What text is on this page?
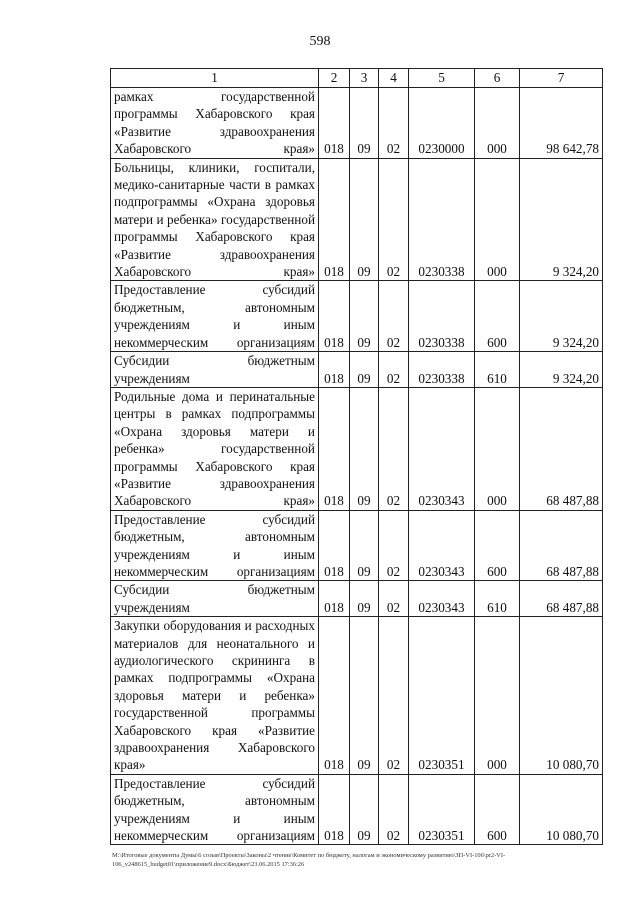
598
1	2	3	4	5	6	7
рамках государственной программы Хабаровского края «Развитие здравоохранения Хабаровского края»	018	09	02	0230000	000	98 642,78
Больницы, клиники, госпитали, медико-санитарные части в рамках подпрограммы «Охрана здоровья матери и ребенка» государственной программы Хабаровского края «Развитие здравоохранения Хабаровского края»	018	09	02	0230338	000	9 324,20
Предоставление субсидий бюджетным, автономным учреждениям и иным некоммерческим организациям	018	09	02	0230338	600	9 324,20
Субсидии бюджетным учреждениям	018	09	02	0230338	610	9 324,20
Родильные дома и перинатальные центры в рамках подпрограммы «Охрана здоровья матери и ребенка» государственной программы Хабаровского края «Развитие здравоохранения Хабаровского края»	018	09	02	0230343	000	68 487,88
Предоставление субсидий бюджетным, автономным учреждениям и иным некоммерческим организациям	018	09	02	0230343	600	68 487,88
Субсидии бюджетным учреждениям	018	09	02	0230343	610	68 487,88
Закупки оборудования и расходных материалов для неонатального и аудиологического скрининга в рамках подпрограммы «Охрана здоровья матери и ребенка» государственной программы Хабаровского края «Развитие здравоохранения Хабаровского края»	018	09	02	0230351	000	10 080,70
Предоставление субсидий бюджетным, автономным учреждениям и иным некоммерческим организациям	018	09	02	0230351	600	10 080,70
М:\Итоговые документы Думы\6 созыв\Проекты\Законы\2 чтение\Комитет по бюджету, налогам и экономическому развитию\ЗП-VI-106\pr2-VI-106_v248615_budget01\приложение9.docx\Бюджет\23.06.2015 17:36:26
